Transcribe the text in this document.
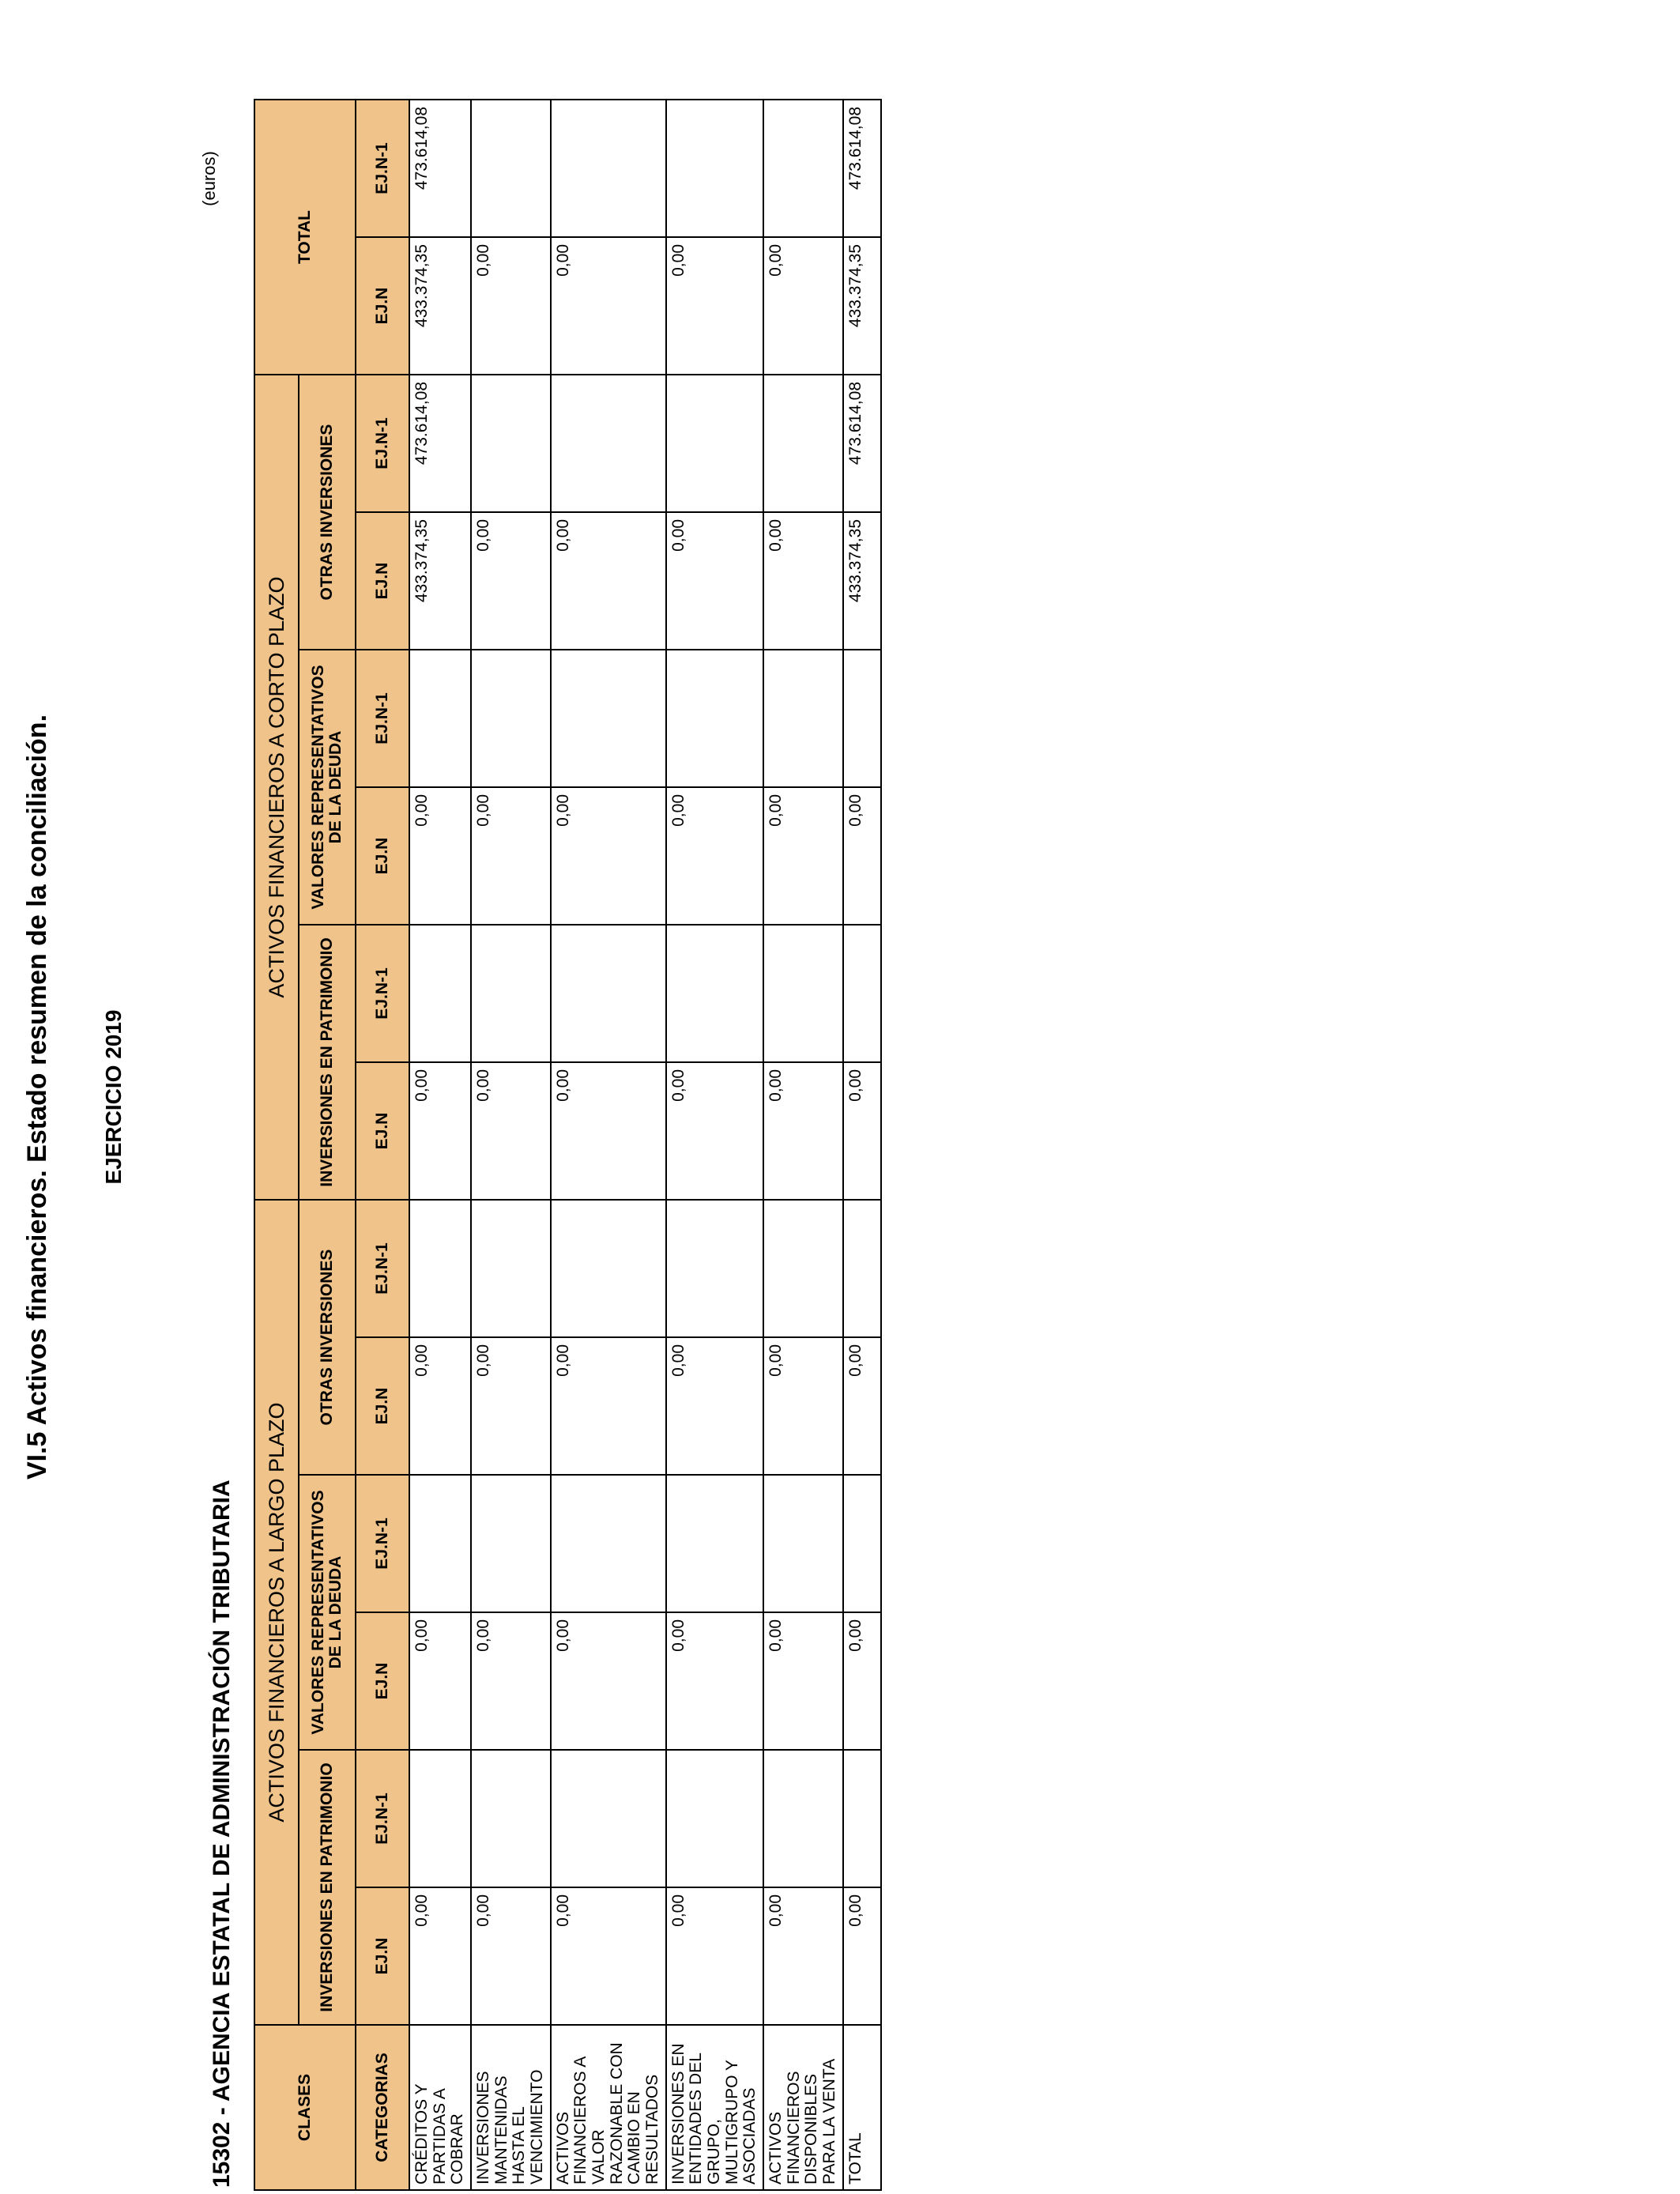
VI.5 Activos financieros. Estado resumen de la conciliación. EJERCICIO 2019
15302 - AGENCIA ESTATAL DE ADMINISTRACIÓN TRIBUTARIA
(euros)
CLASES	ACTIVOS FINANCIEROS A LARGO PLAZO						ACTIVOS FINANCIEROS A CORTO PLAZO						TOTAL	
	INVERSIONES EN PATRIMONIO		VALORES REPRESENTATIVOS DE LA DEUDA		OTRAS INVERSIONES		INVERSIONES EN PATRIMONIO		VALORES REPRESENTATIVOS DE LA DEUDA		OTRAS INVERSIONES			
CATEGORIAS	EJ.N	EJ.N-1	EJ.N	EJ.N-1	EJ.N	EJ.N-1	EJ.N	EJ.N-1	EJ.N	EJ.N-1	EJ.N	EJ.N-1	EJ.N	EJ.N-1
CRÉDITOS Y PARTIDAS A COBRAR	0,00		0,00		0,00		0,00		0,00		433.374,35	473.614,08	433.374,35	473.614,08
INVERSIONES MANTENIDAS HASTA EL VENCIMIENTO	0,00		0,00		0,00		0,00		0,00		0,00		0,00	
ACTIVOS FINANCIEROS A VALOR RAZONABLE CON CAMBIO EN RESULTADOS	0,00		0,00		0,00		0,00		0,00		0,00		0,00	
INVERSIONES EN ENTIDADES DEL GRUPO, MULTIGRUPO Y ASOCIADAS	0,00		0,00		0,00		0,00		0,00		0,00		0,00	
ACTIVOS FINANCIEROS DISPONIBLES PARA LA VENTA	0,00		0,00		0,00		0,00		0,00		0,00		0,00	
TOTAL	0,00		0,00		0,00		0,00		0,00		433.374,35	473.614,08	433.374,35	473.614,08
